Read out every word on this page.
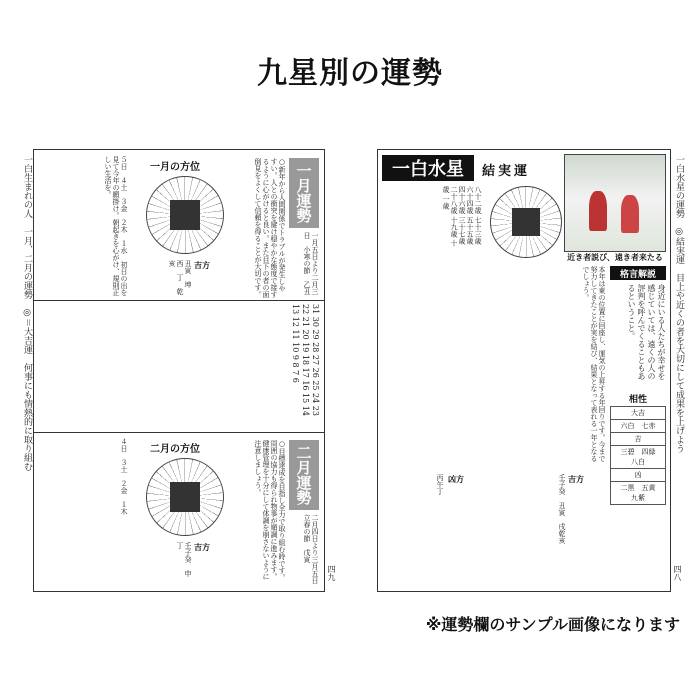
九星別の運勢
一白生まれの人　一月、二月の運勢　◎＝大吉運　何事にも情熱的に取り組む	５日　４土　３金　２木　１水　初日の出を見て今年の願掛け。朝起きを心がけ、規則正しい生活を。	一月の方位
吉方
丑寅　坤　西　丁　乾　亥	○新年から人間関係でトラブルが発生しやすい。人との衝突を避け穏やかな態度で接するように心がけると良い。また目下の者の面倒見をよくして信頼を得ることが大切です。	一月運勢
一月五日より二月三日　小寒の節　乙丑
31 30 29 28 27 26 25 24 23 22 21 20 19 18 17 16 15 14 13 12 11 10 9 8 7 6
４日　３土　２金　１木 二月の方位
吉方
壬子癸　申　丁	○目標達成を目指し全力で取り組む時です。周囲の協力も得られ物事が順調に進みます。健康管理を十分にして体調を崩さないように注意しましょう。	二月運勢
二月四日より三月五日　立春の節　戊寅
四九
一白水星	結実運
八十二歳 七十三歳 六十四歳 五十五歳 四十六歳 三十七歳 二十八歳 十九歳 十歳 一歳
近き者説び、遠き者来たる
格言解説
身近にいる人たちが幸せを感じていては、遠くの人の評判を呼んでくることもあるということ。
本年は東の位置に回座し、運気の上昇する年回りです。今まで努力してきたことが実を結び、結果となって表れる一年となるでしょう。
吉方
壬子癸　丑寅　戌乾亥
凶方
丙午丁
相性
大吉
六白　七赤
吉
三碧　四緑　八白
凶
二黒　五黄　九紫
一白水星の運勢　◎結実運　目上や近くの者を大切にして成果を上げよう
四八
※運勢欄のサンプル画像になります
